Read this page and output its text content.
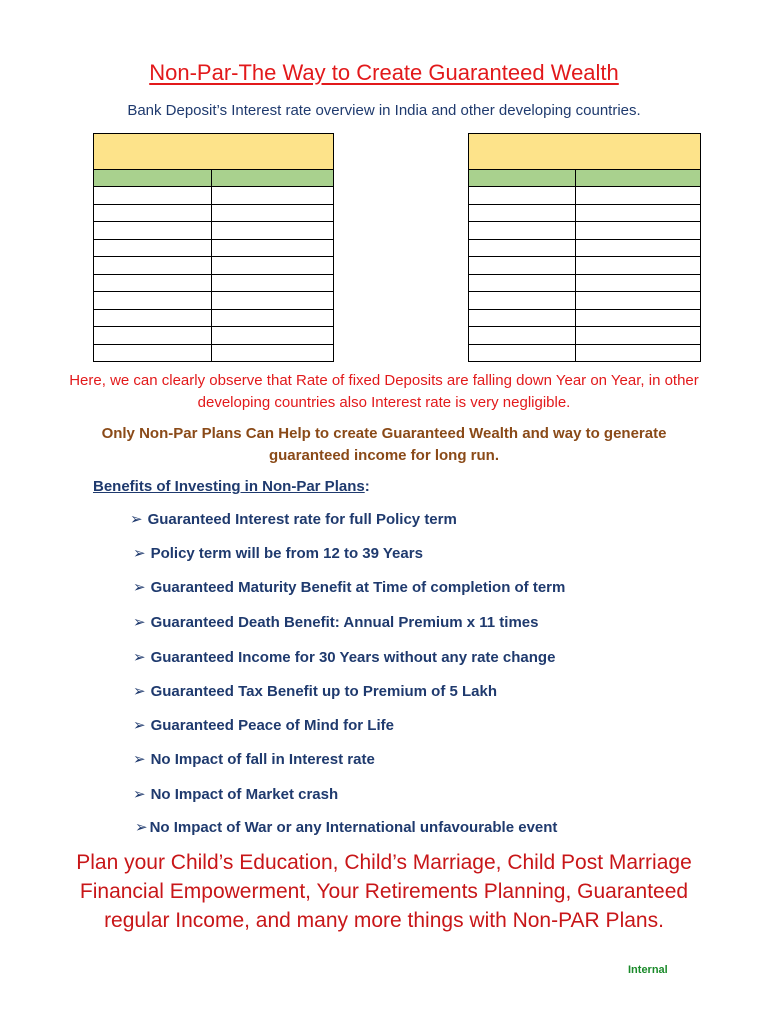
Non-Par-The Way to Create Guaranteed Wealth
Bank Deposit’s Interest rate overview in India and other developing countries.

Here, we can clearly observe that Rate of fixed Deposits are falling down Year on Year, in other developing countries also Interest rate is very negligible.
Only Non-Par Plans Can Help to create Guaranteed Wealth and way to generate guaranteed income for long run.
Benefits of Investing in Non-Par Plans:
➢ Guaranteed Interest rate for full Policy term
➢ Policy term will be from 12 to 39 Years
➢ Guaranteed Maturity Benefit at Time of completion of term
➢ Guaranteed Death Benefit: Annual Premium x 11 times
➢ Guaranteed Income for 30 Years without any rate change
➢ Guaranteed Tax Benefit up to Premium of 5 Lakh
➢ Guaranteed Peace of Mind for Life
➢ No Impact of fall in Interest rate
➢ No Impact of Market crash
➢ No Impact of War or any International unfavourable event
Plan your Child’s Education, Child’s Marriage, Child Post Marriage Financial Empowerment, Your Retirements Planning, Guaranteed regular Income, and many more things with Non-PAR Plans.
Internal
